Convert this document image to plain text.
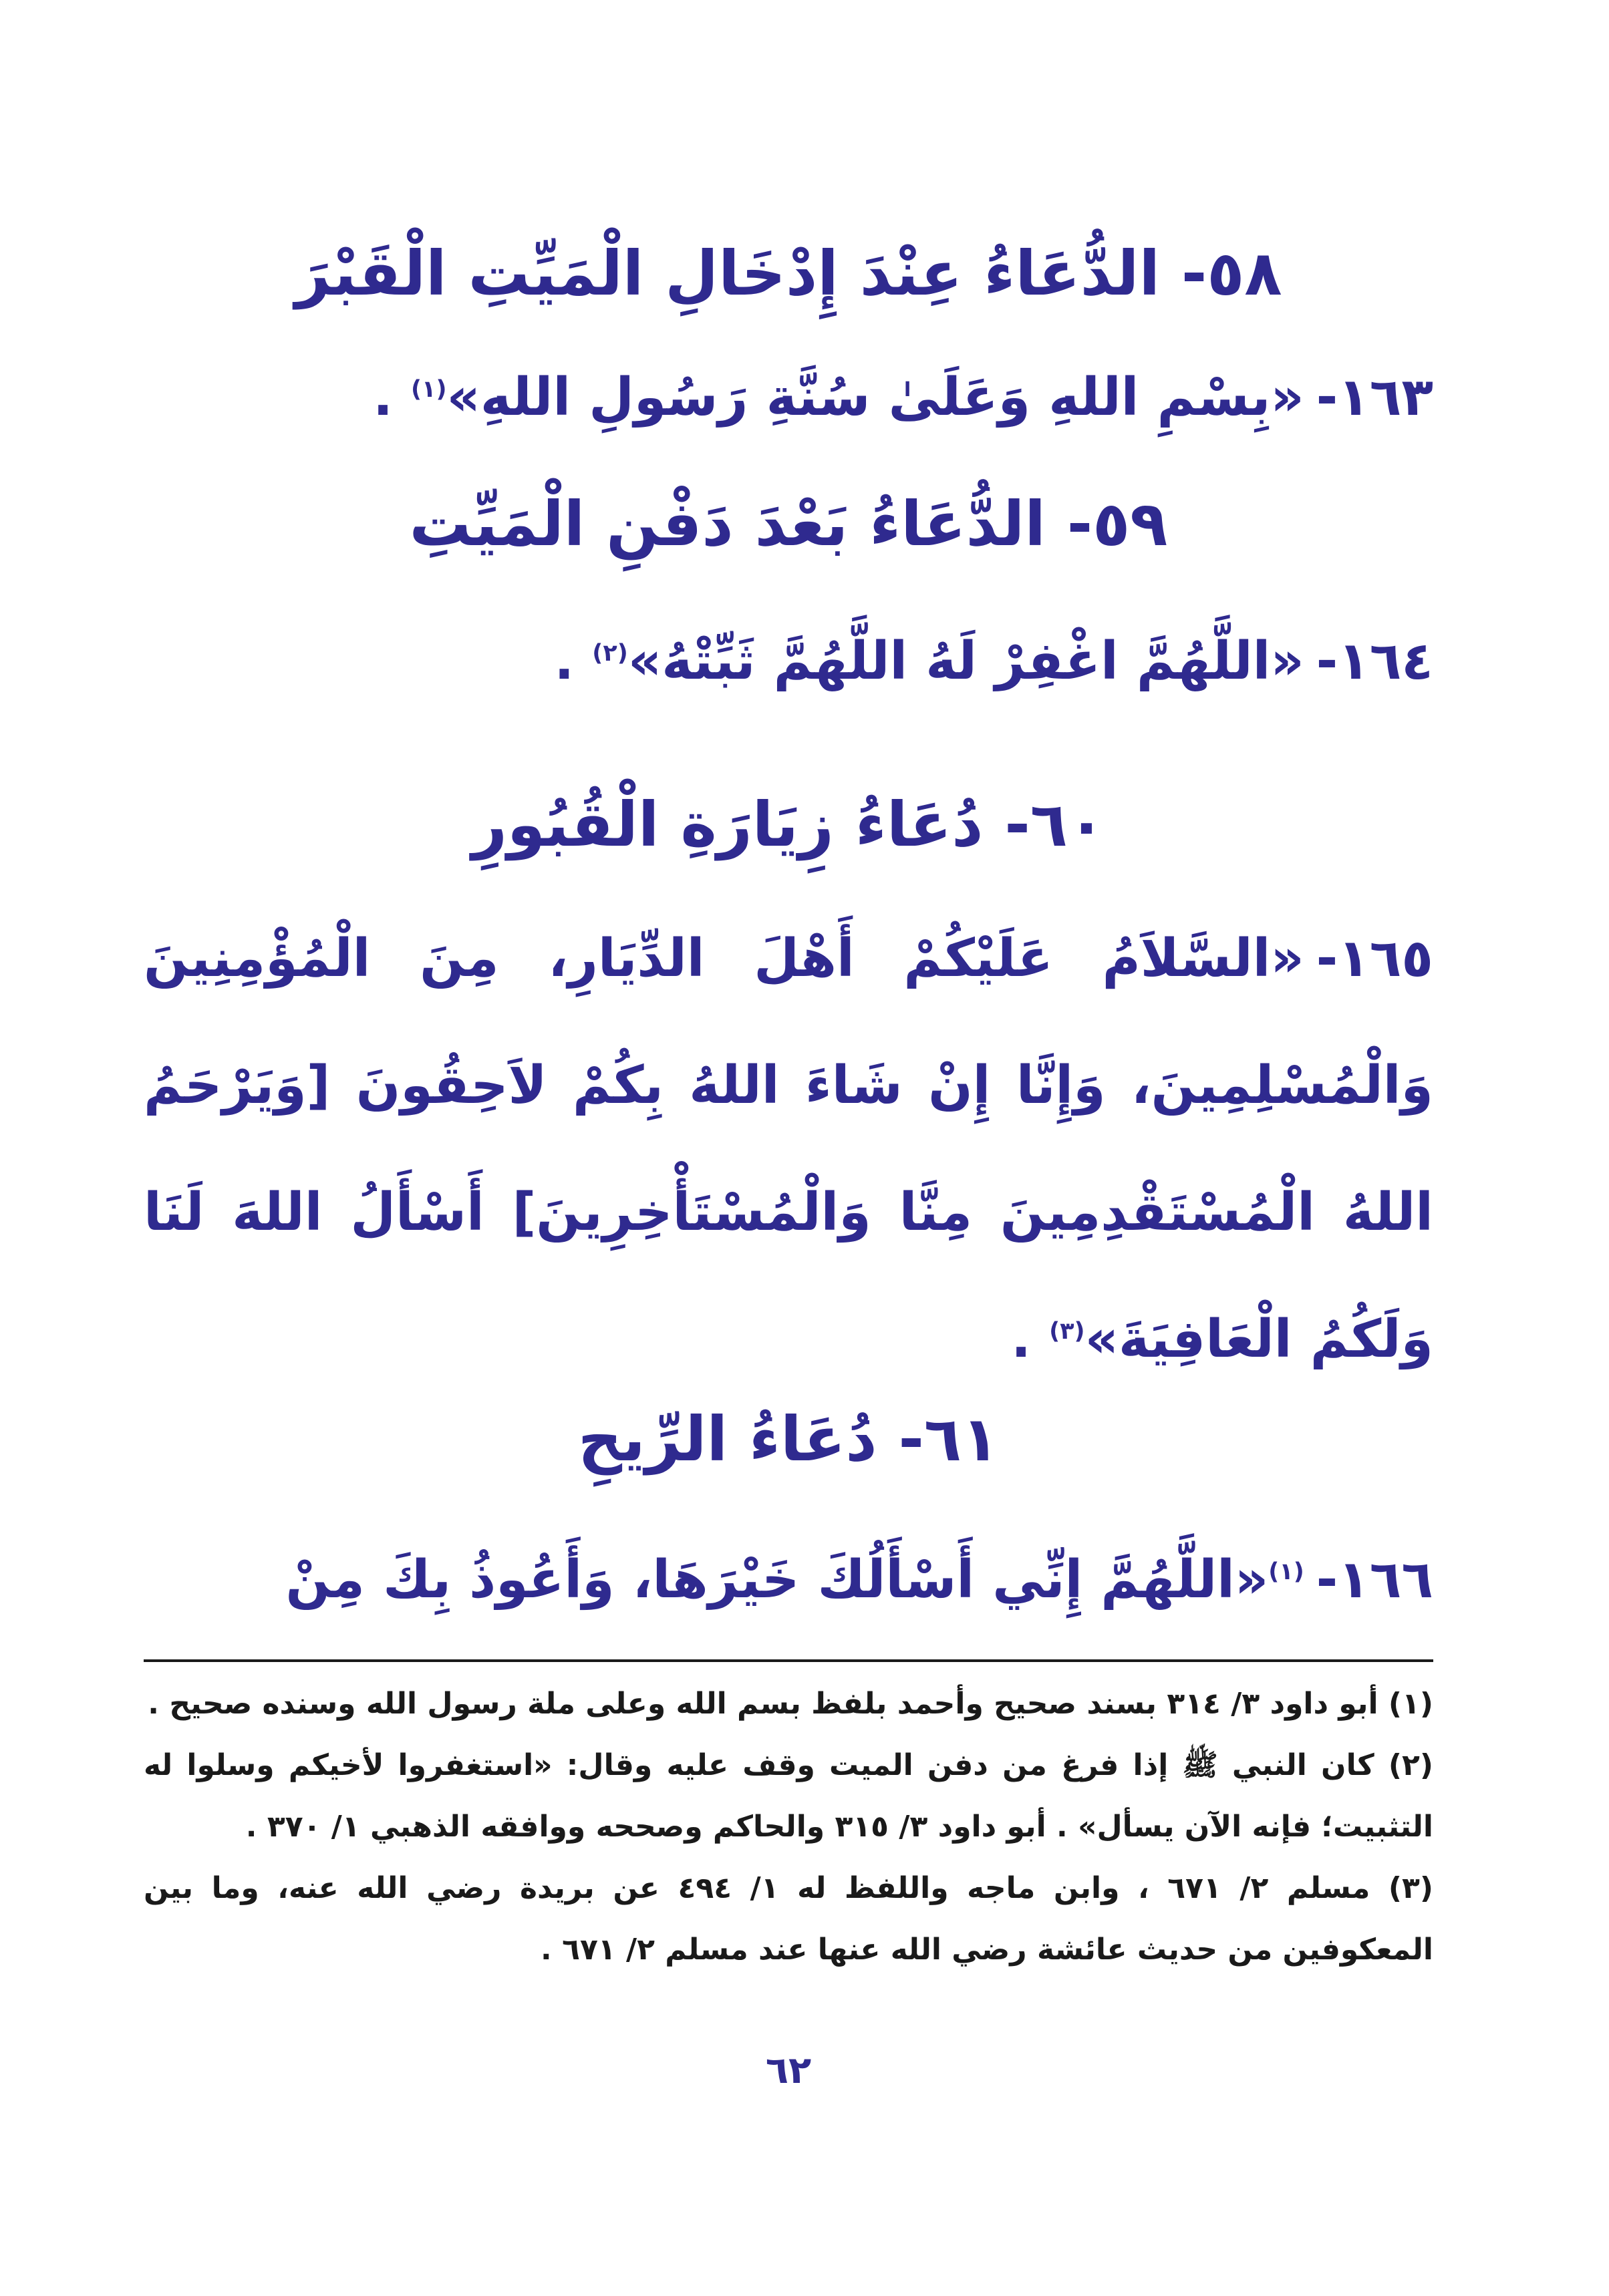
٥٨- الدُّعَاءُ عِنْدَ إِدْخَالِ الْمَيِّتِ الْقَبْرَ
١٦٣-«بِسْمِ اللهِ وَعَلَىٰ سُنَّةِ رَسُولِ اللهِ»$^{(١)}$ .
٥٩- الدُّعَاءُ بَعْدَ دَفْنِ الْمَيِّتِ
١٦٤-«اللَّهُمَّ اغْفِرْ لَهُ اللَّهُمَّ ثَبِّتْهُ»$^{(٢)}$ .
٦٠- دُعَاءُ زِيَارَةِ الْقُبُورِ
١٦٥-«السَّلاَمُ عَلَيْكُمْ أَهْلَ الدِّيَارِ، مِنَ الْمُؤْمِنِينَ وَالْمُسْلِمِينَ، وَإِنَّا إِنْ شَاءَ اللهُ بِكُمْ لاَحِقُونَ [وَيَرْحَمُ اللهُ الْمُسْتَقْدِمِينَ مِنَّا وَالْمُسْتَأْخِرِينَ] أَسْأَلُ اللهَ لَنَا وَلَكُمُ الْعَافِيَةَ»$^{(٣)}$ .
٦١- دُعَاءُ الرِّيحِ
١٦٦-$^{(١)}$«اللَّهُمَّ إِنِّي أَسْأَلُكَ خَيْرَهَا، وَأَعُوذُ بِكَ مِنْ

(١) أبو داود ٣/ ٣١٤ بسند صحيح وأحمد بلفظ بسم الله وعلى ملة رسول الله وسنده صحيح .

(٢) كان النبي ﷺ إذا فرغ من دفن الميت وقف عليه وقال: «استغفروا لأخيكم وسلوا له التثبيت؛ فإنه الآن يسأل» . أبو داود ٣/ ٣١٥ والحاكم وصححه ووافقه الذهبي ١/ ٣٧٠ .

(٣) مسلم ٢/ ٦٧١ ، وابن ماجه واللفظ له ١/ ٤٩٤ عن بريدة رضي الله عنه، وما بين المعكوفين من حديث عائشة رضي الله عنها عند مسلم ٢/ ٦٧١ .

٦٢
